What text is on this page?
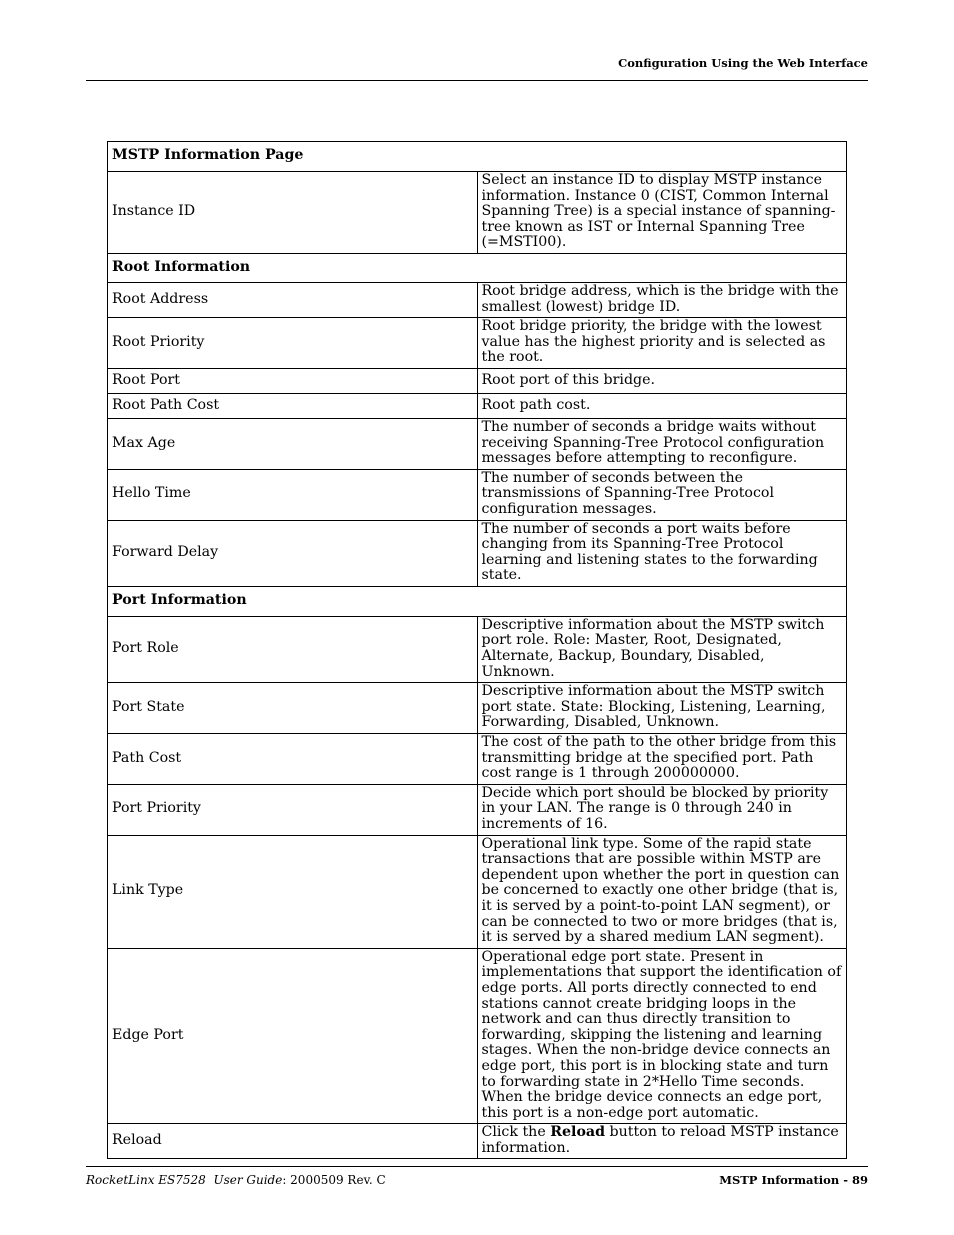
Configuration Using the Web Interface
MSTP Information Page	
Instance ID	Select an instance ID to display MSTP instance information. Instance 0 (CIST, Common Internal Spanning Tree) is a special instance of spanning-tree known as IST or Internal Spanning Tree (=MSTI00).
Root Information	
Root Address	Root bridge address, which is the bridge with the smallest (lowest) bridge ID.
Root Priority	Root bridge priority, the bridge with the lowest value has the highest priority and is selected as the root.
Root Port	Root port of this bridge.
Root Path Cost	Root path cost.
Max Age	The number of seconds a bridge waits without receiving Spanning-Tree Protocol configuration messages before attempting to reconfigure.
Hello Time	The number of seconds between the transmissions of Spanning-Tree Protocol configuration messages.
Forward Delay	The number of seconds a port waits before changing from its Spanning-Tree Protocol learning and listening states to the forwarding state.
Port Information	
Port Role	Descriptive information about the MSTP switch port role. Role: Master, Root, Designated, Alternate, Backup, Boundary, Disabled, Unknown.
Port State	Descriptive information about the MSTP switch port state. State: Blocking, Listening, Learning, Forwarding, Disabled, Unknown.
Path Cost	The cost of the path to the other bridge from this transmitting bridge at the specified port. Path cost range is 1 through 200000000.
Port Priority	Decide which port should be blocked by priority in your LAN. The range is 0 through 240 in increments of 16.
Link Type	Operational link type. Some of the rapid state transactions that are possible within MSTP are dependent upon whether the port in question can be concerned to exactly one other bridge (that is, it is served by a point-to-point LAN segment), or can be connected to two or more bridges (that is, it is served by a shared medium LAN segment).
Edge Port	Operational edge port state. Present in implementations that support the identification of edge ports. All ports directly connected to end stations cannot create bridging loops in the network and can thus directly transition to forwarding, skipping the listening and learning stages. When the non-bridge device connects an edge port, this port is in blocking state and turn to forwarding state in 2*Hello Time seconds. When the bridge device connects an edge port, this port is a non-edge port automatic.
Reload	Click the Reload button to reload MSTP instance information.
RocketLinx ES7528 User Guide: 2000509 Rev. C	MSTP Information - 89
